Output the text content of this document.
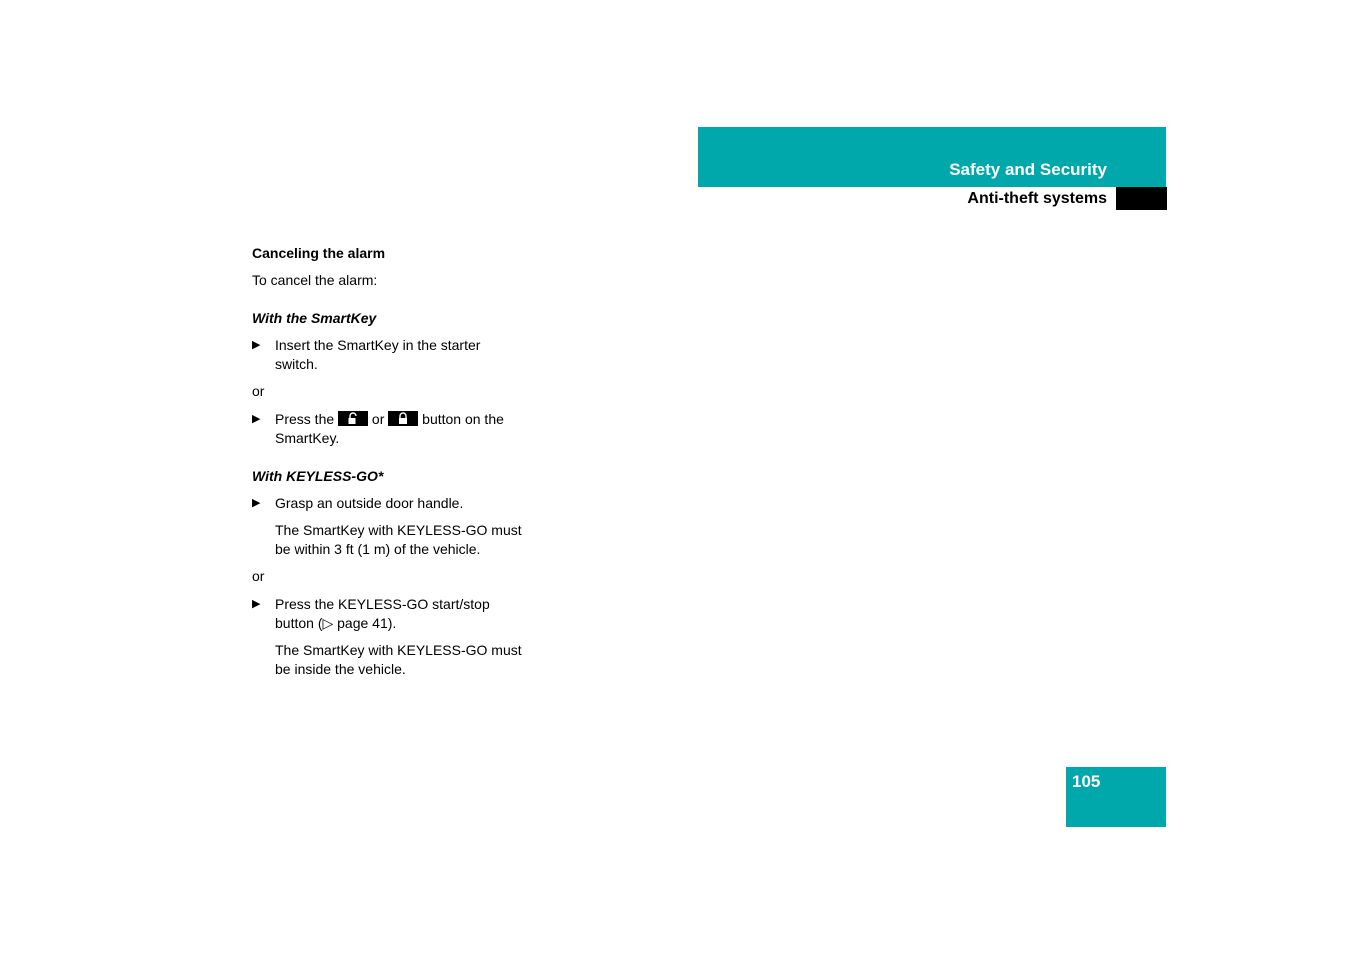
Safety and Security
Anti-theft systems

Canceling the alarm

To cancel the alarm:

With the SmartKey

▶ Insert the SmartKey in the starter switch.

or

▶ Press the	or	button on the SmartKey.

With KEYLESS-GO*

▶ Grasp an outside door handle.

The SmartKey with KEYLESS-GO must be within 3 ft (1 m) of the vehicle.

or

▶ Press the KEYLESS-GO start/stop button (▷ page 41).

The SmartKey with KEYLESS-GO must be inside the vehicle.

105
